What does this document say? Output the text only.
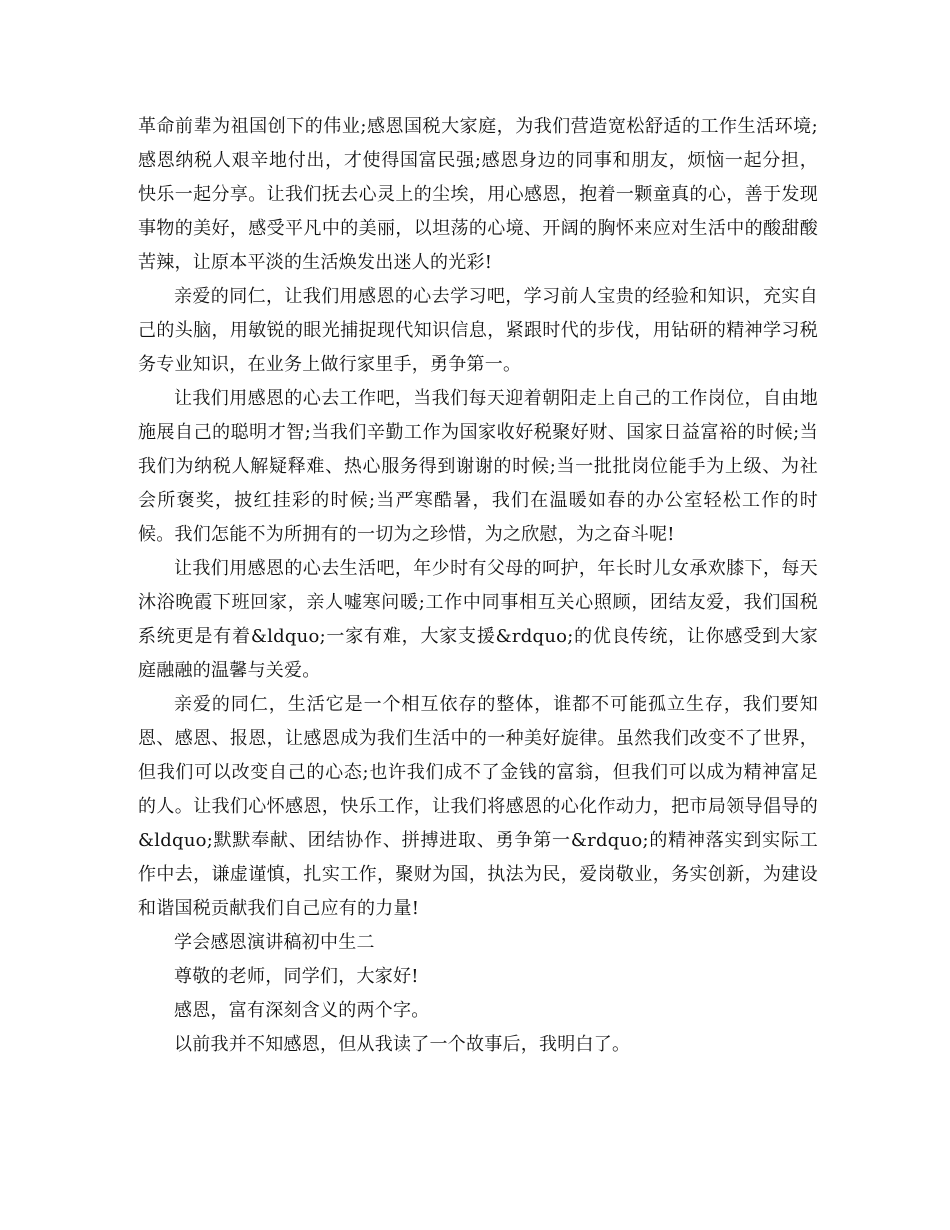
革命前辈为祖国创下的伟业;感恩国税大家庭，为我们营造宽松舒适的工作生活环境;感恩纳税人艰辛地付出，才使得国富民强;感恩身边的同事和朋友，烦恼一起分担，快乐一起分享。让我们抚去心灵上的尘埃，用心感恩，抱着一颗童真的心，善于发现事物的美好，感受平凡中的美丽，以坦荡的心境、开阔的胸怀来应对生活中的酸甜酸苦辣，让原本平淡的生活焕发出迷人的光彩!

亲爱的同仁，让我们用感恩的心去学习吧，学习前人宝贵的经验和知识，充实自己的头脑，用敏锐的眼光捕捉现代知识信息，紧跟时代的步伐，用钻研的精神学习税务专业知识，在业务上做行家里手，勇争第一。

让我们用感恩的心去工作吧，当我们每天迎着朝阳走上自己的工作岗位，自由地施展自己的聪明才智;当我们辛勤工作为国家收好税聚好财、国家日益富裕的时候;当我们为纳税人解疑释难、热心服务得到谢谢的时候;当一批批岗位能手为上级、为社会所褒奖，披红挂彩的时候;当严寒酷暑，我们在温暖如春的办公室轻松工作的时候。我们怎能不为所拥有的一切为之珍惜，为之欣慰，为之奋斗呢!

让我们用感恩的心去生活吧，年少时有父母的呵护，年长时儿女承欢膝下，每天沐浴晚霞下班回家，亲人嘘寒问暖;工作中同事相互关心照顾，团结友爱，我们国税系统更是有着&ldquo;一家有难，大家支援&rdquo;的优良传统，让你感受到大家庭融融的温馨与关爱。

亲爱的同仁，生活它是一个相互依存的整体，谁都不可能孤立生存，我们要知恩、感恩、报恩，让感恩成为我们生活中的一种美好旋律。虽然我们改变不了世界，但我们可以改变自己的心态;也许我们成不了金钱的富翁，但我们可以成为精神富足的人。让我们心怀感恩，快乐工作，让我们将感恩的心化作动力，把市局领导倡导的&ldquo;默默奉献、团结协作、拼搏进取、勇争第一&rdquo;的精神落实到实际工作中去，谦虚谨慎，扎实工作，聚财为国，执法为民，爱岗敬业，务实创新，为建设和谐国税贡献我们自己应有的力量!

学会感恩演讲稿初中生二

尊敬的老师，同学们，大家好!

感恩，富有深刻含义的两个字。

以前我并不知感恩，但从我读了一个故事后，我明白了。
